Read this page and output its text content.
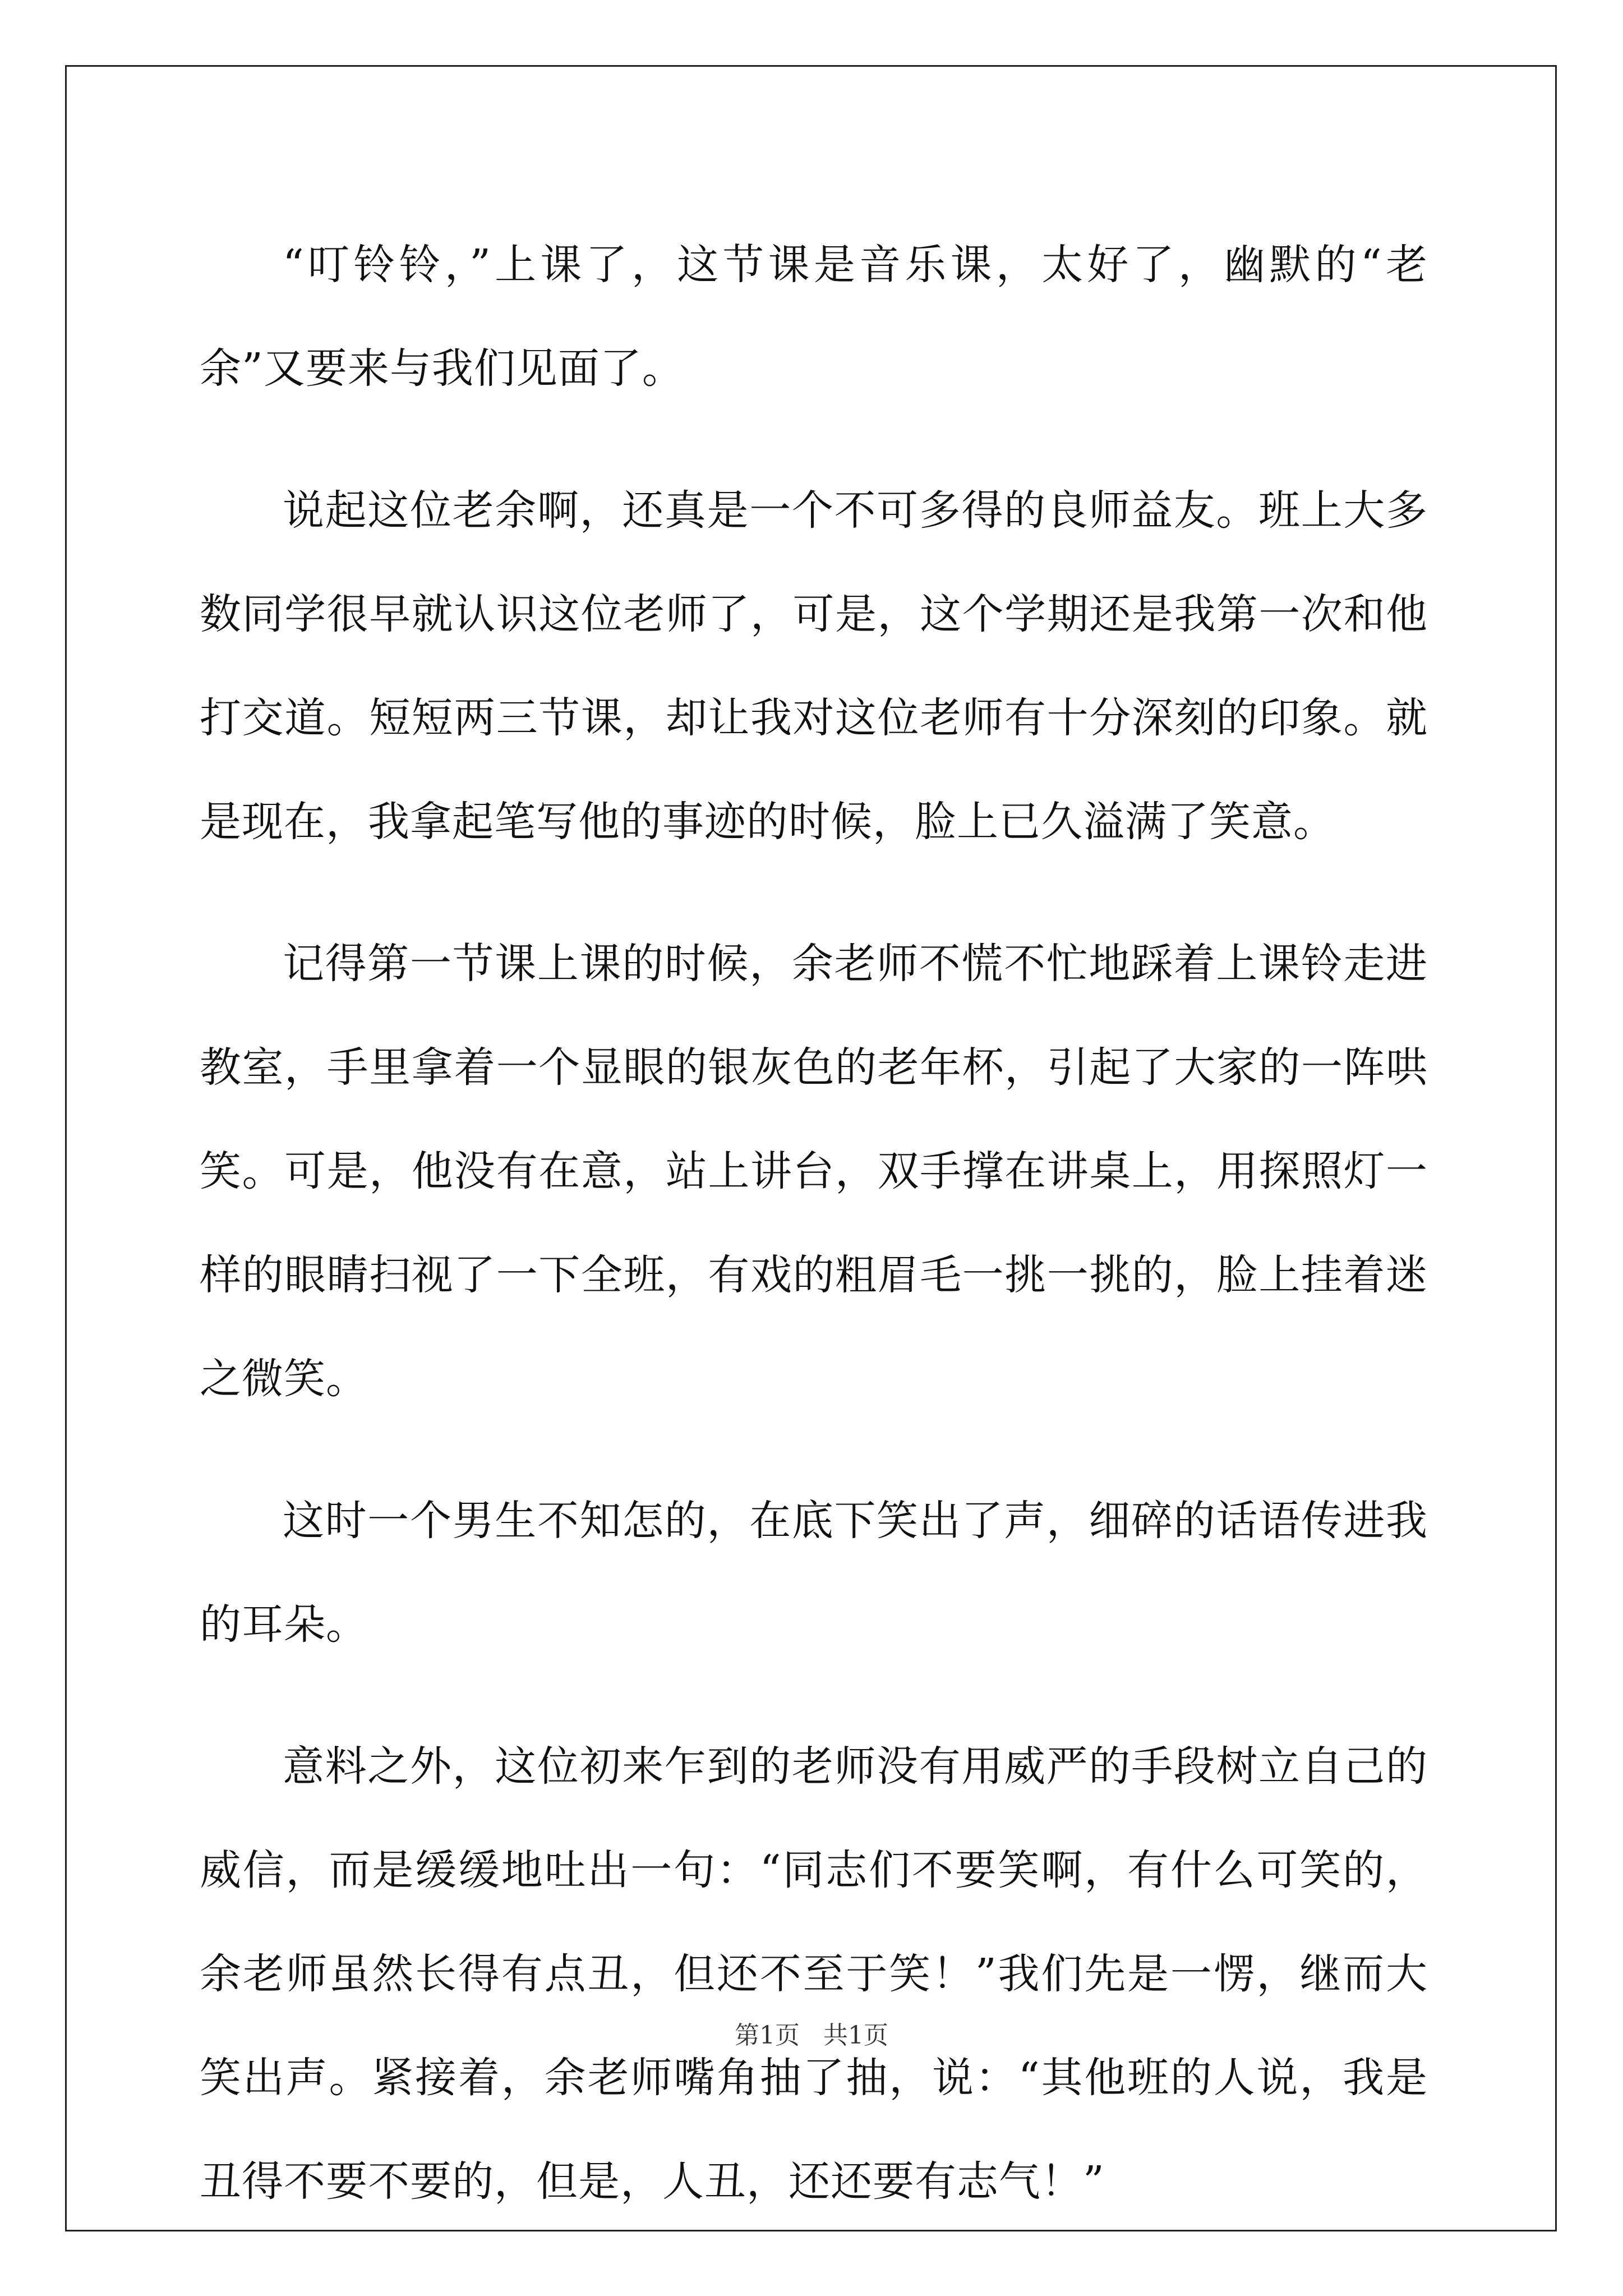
“叮铃铃，”上课了，这节课是音乐课，太好了，幽默的“老余”又要来与我们见面了。

说起这位老余啊，还真是一个不可多得的良师益友。班上大多数同学很早就认识这位老师了，可是，这个学期还是我第一次和他打交道。短短两三节课，却让我对这位老师有十分深刻的印象。就是现在，我拿起笔写他的事迹的时候，脸上已久溢满了笑意。

记得第一节课上课的时候，余老师不慌不忙地踩着上课铃走进教室，手里拿着一个显眼的银灰色的老年杯，引起了大家的一阵哄笑。可是，他没有在意，站上讲台，双手撑在讲桌上，用探照灯一样的眼睛扫视了一下全班，有戏的粗眉毛一挑一挑的，脸上挂着迷之微笑。

这时一个男生不知怎的，在底下笑出了声，细碎的话语传进我的耳朵。

意料之外，这位初来乍到的老师没有用威严的手段树立自己的威信，而是缓缓地吐出一句：“同志们不要笑啊，有什么可笑的，余老师虽然长得有点丑，但还不至于笑！”我们先是一愣，继而大笑出声。紧接着，余老师嘴角抽了抽，说：“其他班的人说，我是丑得不要不要的，但是，人丑，还还要有志气！”

第1页   共1页
